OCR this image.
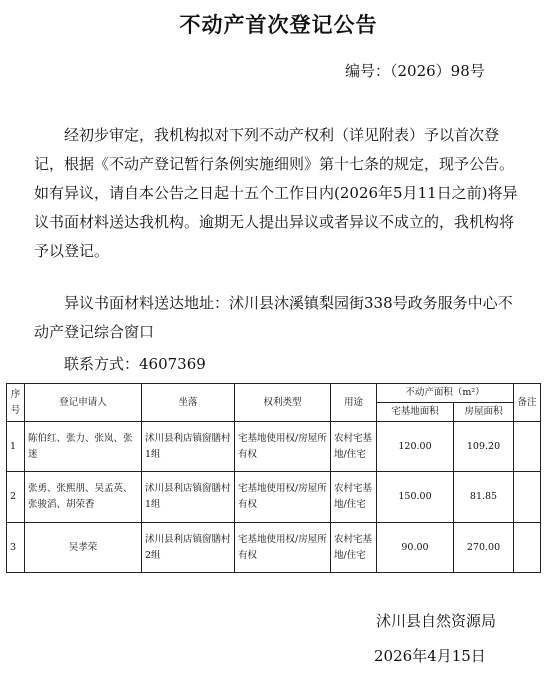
不动产首次登记公告
编号：（2026）98号
经初步审定，我机构拟对下列不动产权利（详见附表）予以首次登记，根据《不动产登记暂行条例实施细则》第十七条的规定，现予公告。如有异议，请自本公告之日起十五个工作日内(2026年5月11日之前)将异议书面材料送达我机构。逾期无人提出异议或者异议不成立的，我机构将予以登记。
异议书面材料送达地址：沭川县沐溪镇梨园街338号政务服务中心不动产登记综合窗口
联系方式：4607369
序号	登记申请人	坐落	权利类型	用途	不动产面积（m²）		备注
					宅基地面积	房屋面积	
1	陈伯红、张力、张岚、张迷	沭川县利店镇窗膳村1组	宅基地使用权/房屋所有权	农村宅基地/住宅	120.00	109.20	
2	张勇、张熙朋、吴孟英、张骏滔、胡荣香	沭川县利店镇窗膳村1组	宅基地使用权/房屋所有权	农村宅基地/住宅	150.00	81.85	
3	吴孝荣	沭川县利店镇窗膳村2组	宅基地使用权/房屋所有权	农村宅基地/住宅	90.00	270.00	
沭川县自然资源局
2026年4月15日
